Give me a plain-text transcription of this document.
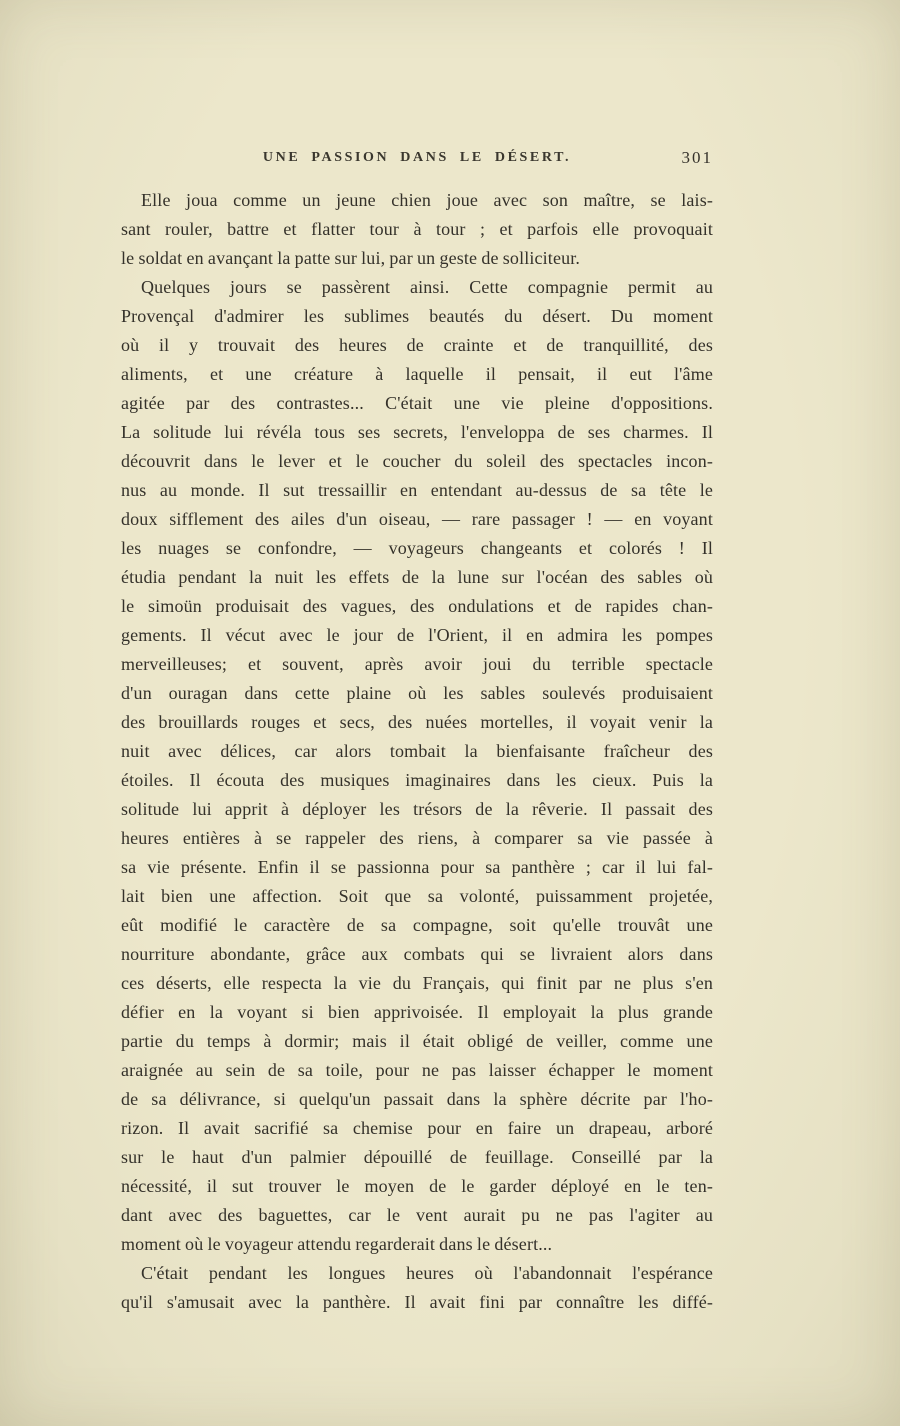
UNE PASSION DANS LE DÉSERT.	301
Elle joua comme un jeune chien joue avec son maître, se lais-
sant rouler, battre et flatter tour à tour ; et parfois elle provoquait
le soldat en avançant la patte sur lui, par un geste de solliciteur.
Quelques jours se passèrent ainsi. Cette compagnie permit au
Provençal d'admirer les sublimes beautés du désert. Du moment
où il y trouvait des heures de crainte et de tranquillité, des
aliments, et une créature à laquelle il pensait, il eut l'âme
agitée par des contrastes... C'était une vie pleine d'oppositions.
La solitude lui révéla tous ses secrets, l'enveloppa de ses charmes. Il
découvrit dans le lever et le coucher du soleil des spectacles incon-
nus au monde. Il sut tressaillir en entendant au-dessus de sa tête le
doux sifflement des ailes d'un oiseau, — rare passager ! — en voyant
les nuages se confondre, — voyageurs changeants et colorés ! Il
étudia pendant la nuit les effets de la lune sur l'océan des sables où
le simoün produisait des vagues, des ondulations et de rapides chan-
gements. Il vécut avec le jour de l'Orient, il en admira les pompes
merveilleuses; et souvent, après avoir joui du terrible spectacle
d'un ouragan dans cette plaine où les sables soulevés produisaient
des brouillards rouges et secs, des nuées mortelles, il voyait venir la
nuit avec délices, car alors tombait la bienfaisante fraîcheur des
étoiles. Il écouta des musiques imaginaires dans les cieux. Puis la
solitude lui apprit à déployer les trésors de la rêverie. Il passait des
heures entières à se rappeler des riens, à comparer sa vie passée à
sa vie présente. Enfin il se passionna pour sa panthère ; car il lui fal-
lait bien une affection. Soit que sa volonté, puissamment projetée,
eût modifié le caractère de sa compagne, soit qu'elle trouvât une
nourriture abondante, grâce aux combats qui se livraient alors dans
ces déserts, elle respecta la vie du Français, qui finit par ne plus s'en
défier en la voyant si bien apprivoisée. Il employait la plus grande
partie du temps à dormir; mais il était obligé de veiller, comme une
araignée au sein de sa toile, pour ne pas laisser échapper le moment
de sa délivrance, si quelqu'un passait dans la sphère décrite par l'ho-
rizon. Il avait sacrifié sa chemise pour en faire un drapeau, arboré
sur le haut d'un palmier dépouillé de feuillage. Conseillé par la
nécessité, il sut trouver le moyen de le garder déployé en le ten-
dant avec des baguettes, car le vent aurait pu ne pas l'agiter au
moment où le voyageur attendu regarderait dans le désert...
C'était pendant les longues heures où l'abandonnait l'espérance
qu'il s'amusait avec la panthère. Il avait fini par connaître les diffé-
